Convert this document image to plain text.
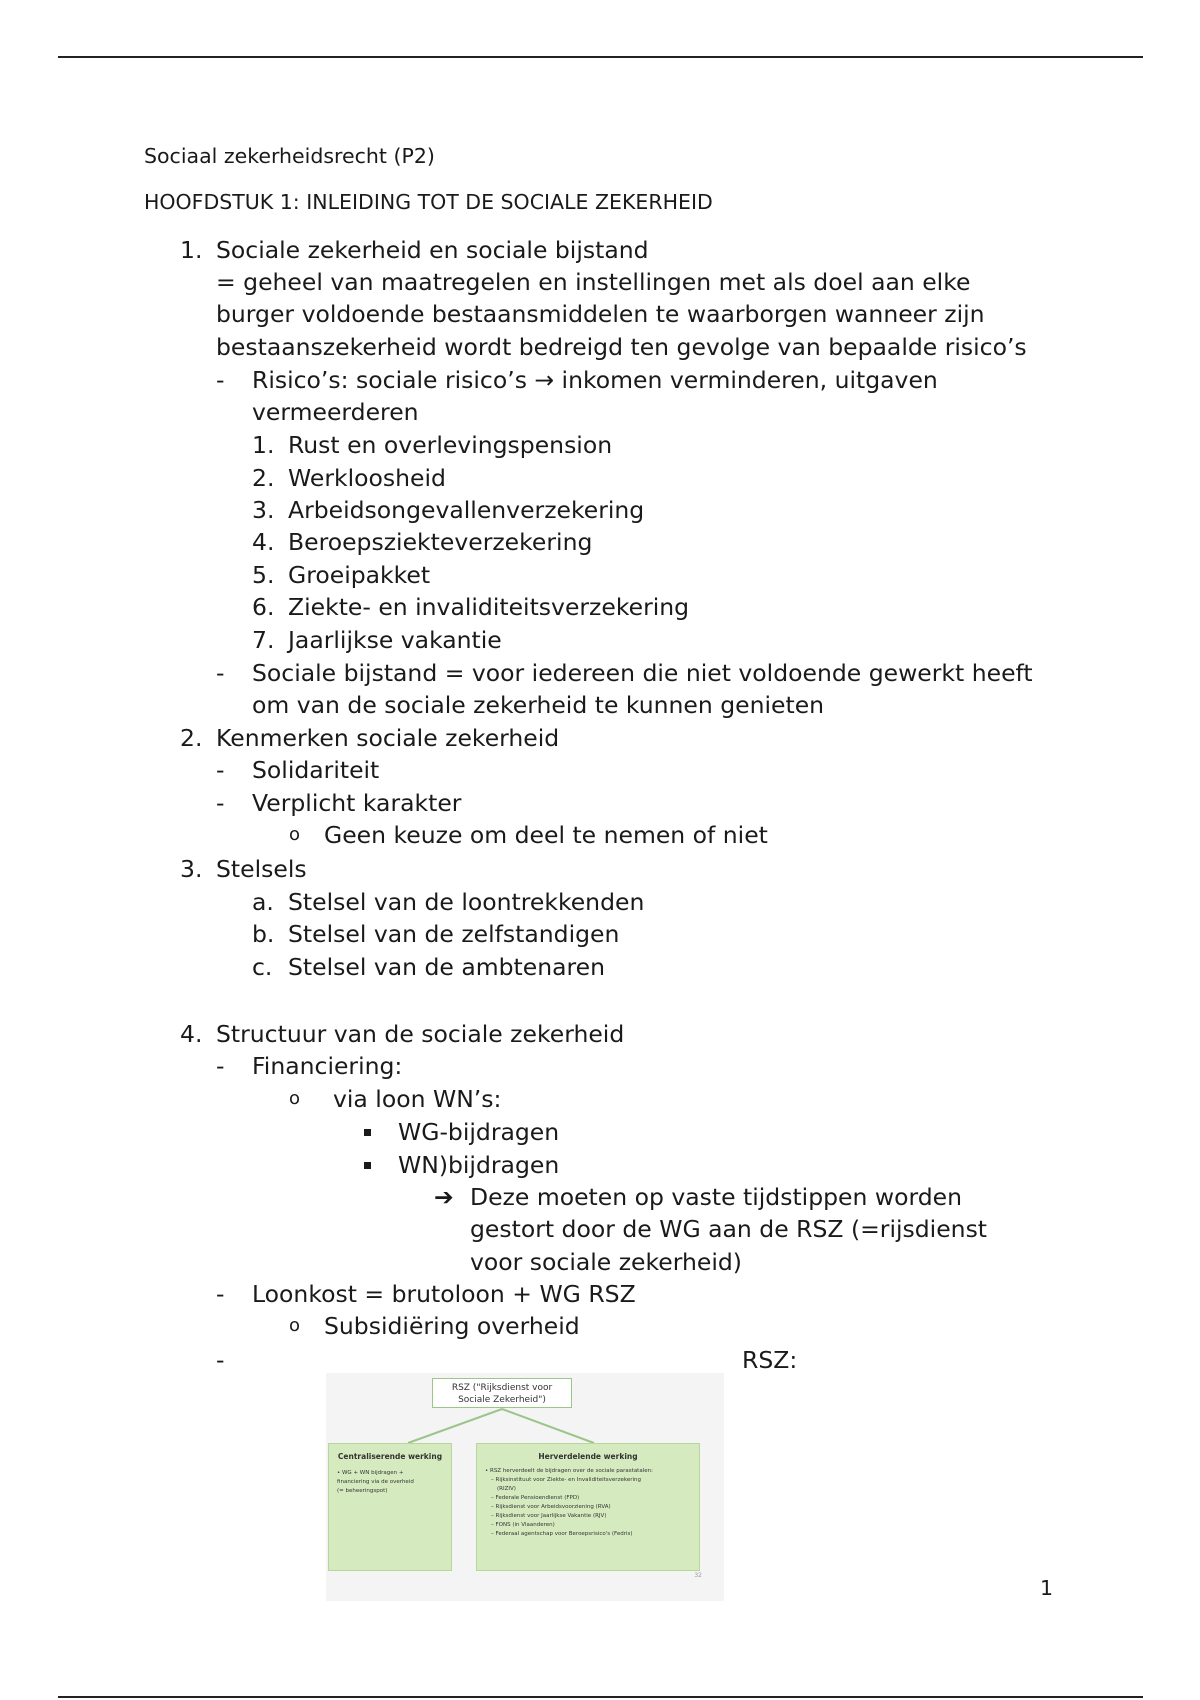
Sociaal zekerheidsrecht (P2)
HOOFDSTUK 1: INLEIDING TOT DE SOCIALE ZEKERHEID
1. Sociale zekerheid en sociale bijstand
= geheel van maatregelen en instellingen met als doel aan elke
burger voldoende bestaansmiddelen te waarborgen wanneer zijn
bestaanszekerheid wordt bedreigd ten gevolge van bepaalde risico’s
- Risico’s: sociale risico’s → inkomen verminderen, uitgaven
vermeerderen
1. Rust en overlevingspension
2. Werkloosheid
3. Arbeidsongevallenverzekering
4. Beroepsziekteverzekering
5. Groeipakket
6. Ziekte- en invaliditeitsverzekering
7. Jaarlijkse vakantie
- Sociale bijstand = voor iedereen die niet voldoende gewerkt heeft
om van de sociale zekerheid te kunnen genieten
2. Kenmerken sociale zekerheid
- Solidariteit
- Verplicht karakter
o Geen keuze om deel te nemen of niet
3. Stelsels
a. Stelsel van de loontrekkenden
b. Stelsel van de zelfstandigen
c. Stelsel van de ambtenaren
4. Structuur van de sociale zekerheid
- Financiering:
o via loon WN’s:
WG-bijdragen
WN)bijdragen
➔ Deze moeten op vaste tijdstippen worden
gestort door de WG aan de RSZ (=rijsdienst
voor sociale zekerheid)
- Loonkost = brutoloon + WG RSZ
o Subsidiëring overheid
-	RSZ:
RSZ ("Rijksdienst voor
Sociale Zekerheid")
Centraliserende werking
• WG + WN bijdragen +
financiering via de overheid
(= beheeringspot)
Herverdelende werking
• RSZ herverdeelt de bijdragen over de sociale parastatalen:
– Rijksinstituut voor Ziekte- en Invaliditeitsverzekering
(RIZIV)
– Federale Pensioendienst (FPD)
– Rijksdienst voor Arbeidsvoorziening (RVA)
– Rijksdienst voor Jaarlijkse Vakantie (RJV)
– FONS (in Vlaanderen)
– Federaal agentschap voor Beroepsrisico's (Fedris)
32
1
